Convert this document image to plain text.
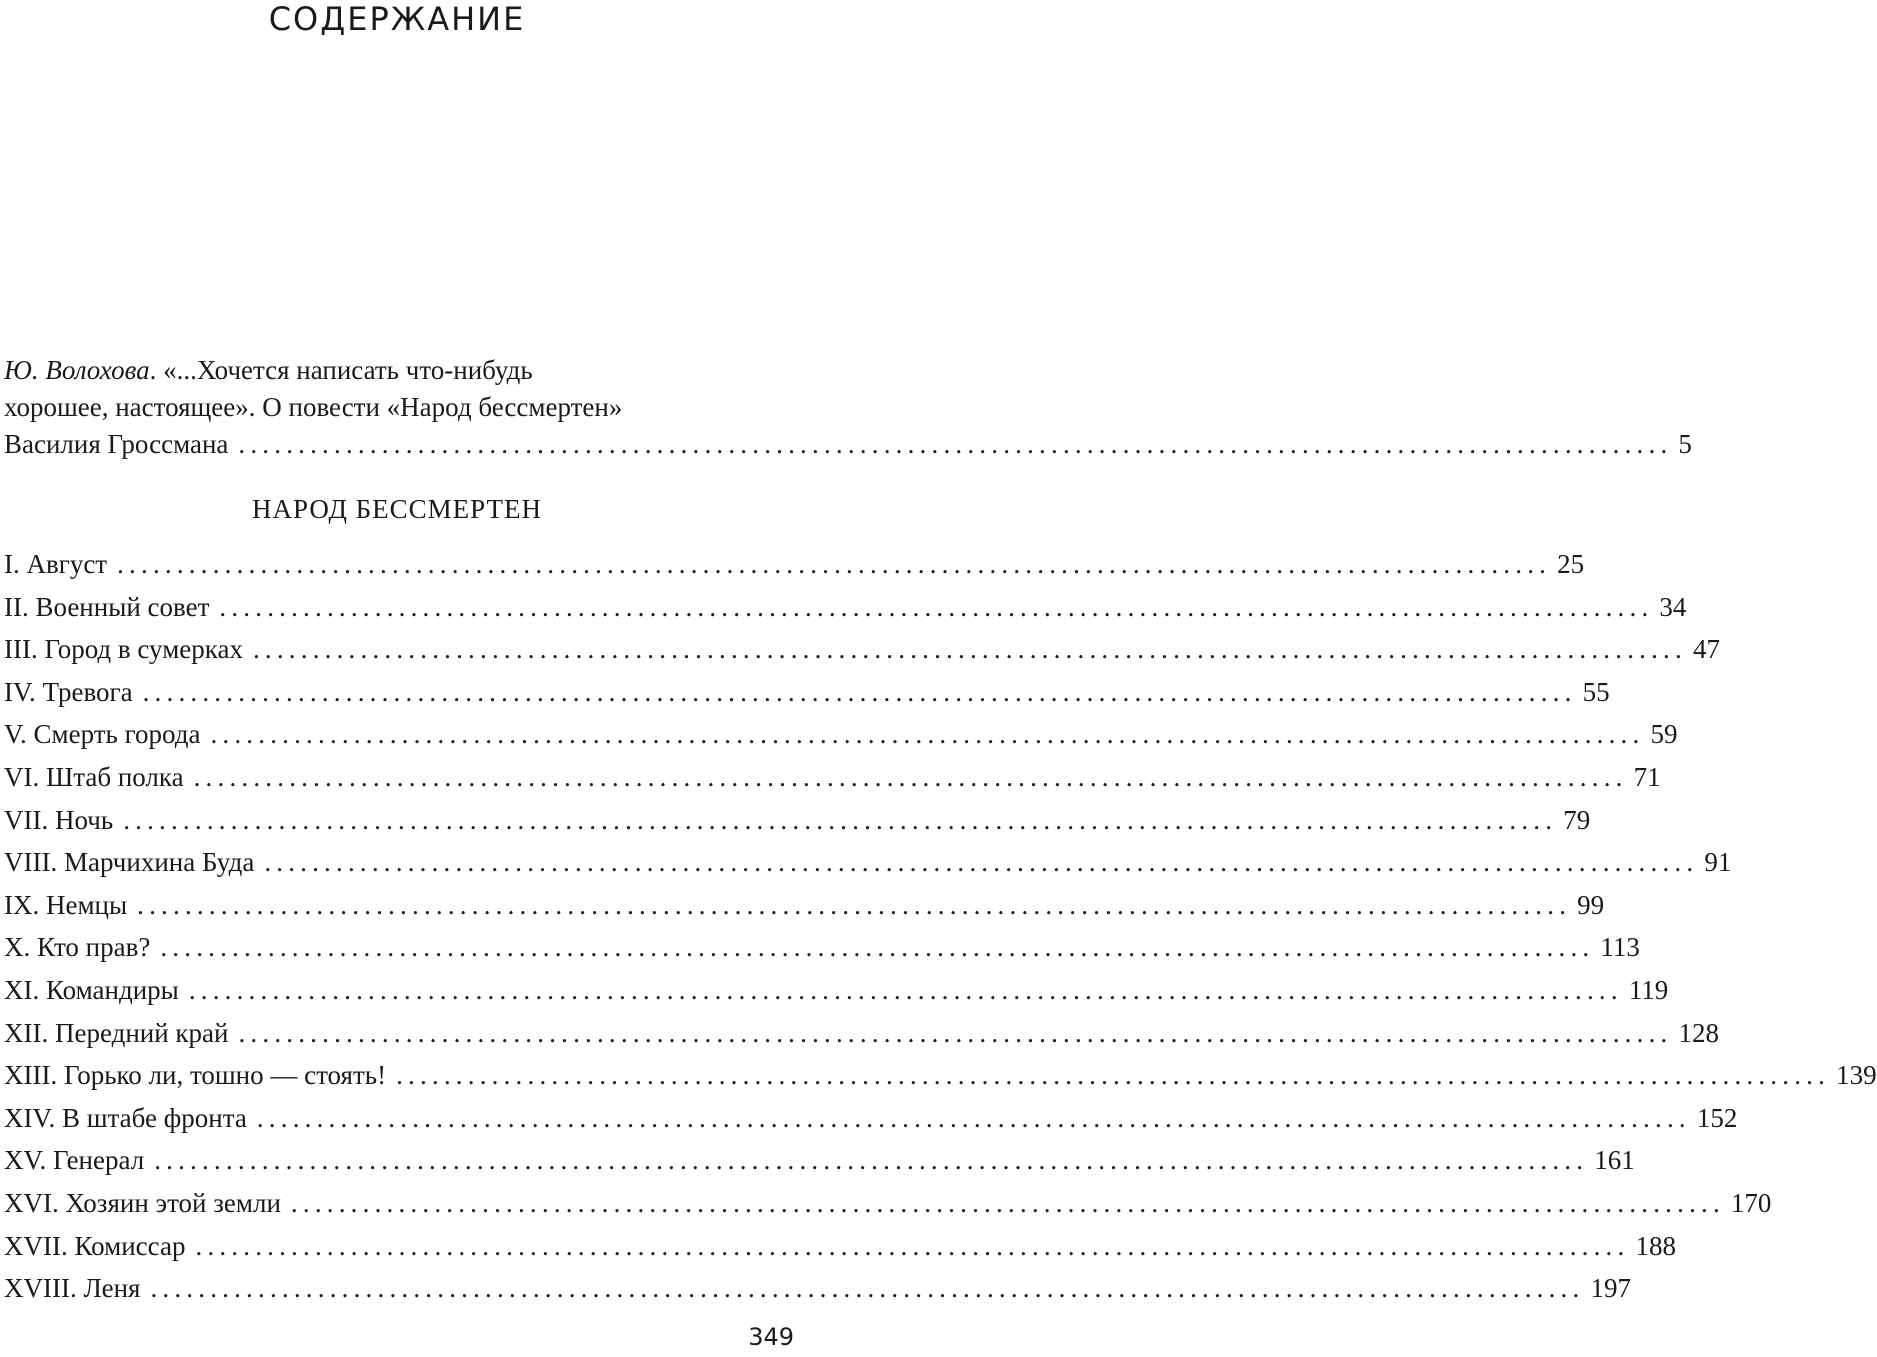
СОДЕРЖАНИЕ
Ю. Волохова. «...Хочется написать что-нибудь
хорошее, настоящее». О повести «Народ бессмертен»
Василия Гроссмана ........................................................................................................................ 5
НАРОД БЕССМЕРТЕН
I. Август ........................................................................................................................ 25
II. Военный совет ........................................................................................................................ 34
III. Город в сумерках ........................................................................................................................ 47
IV. Тревога ........................................................................................................................ 55
V. Смерть города ........................................................................................................................ 59
VI. Штаб полка ........................................................................................................................ 71
VII. Ночь ........................................................................................................................ 79
VIII. Марчихина Буда ........................................................................................................................ 91
IX. Немцы ........................................................................................................................ 99
X. Кто прав? ........................................................................................................................ 113
XI. Командиры ........................................................................................................................ 119
XII. Передний край ........................................................................................................................ 128
XIII. Горько ли, тошно — стоять! ........................................................................................................................ 139
XIV. В штабе фронта ........................................................................................................................ 152
XV. Генерал ........................................................................................................................ 161
XVI. Хозяин этой земли ........................................................................................................................ 170
XVII. Комиссар ........................................................................................................................ 188
XVIII. Леня ........................................................................................................................ 197
349
